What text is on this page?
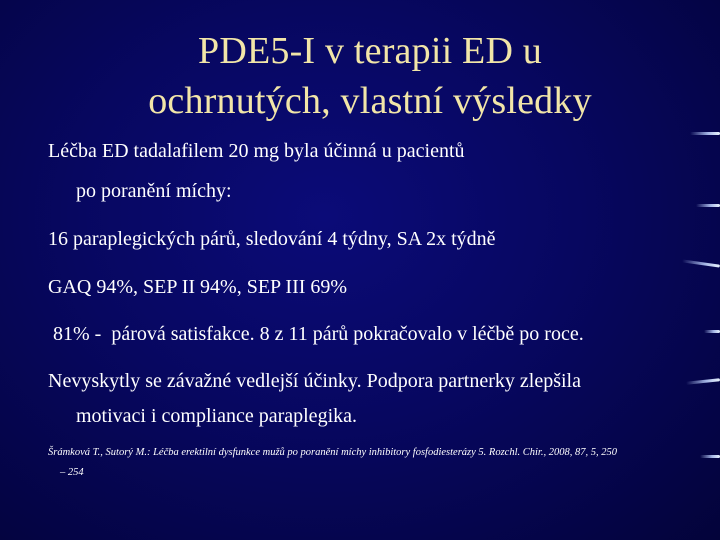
PDE5-I v terapii ED u
ochrnutých, vlastní výsledky
Léčba ED tadalafilem 20 mg byla účinná u pacientů
po poranění míchy:
16 paraplegických párů, sledování 4 týdny, SA 2x týdně
GAQ 94%, SEP II 94%, SEP III 69%
81% -  párová satisfakce. 8 z 11 párů pokračovalo v léčbě po roce.
Nevyskytly se závažné vedlejší účinky. Podpora partnerky zlepšila
motivaci i compliance paraplegika.
Šrámková T., Sutorý M.: Léčba erektilní dysfunkce mužů po poranění míchy inhibitory fosfodiesterázy 5. Rozchl. Chir., 2008, 87, 5, 250
– 254
